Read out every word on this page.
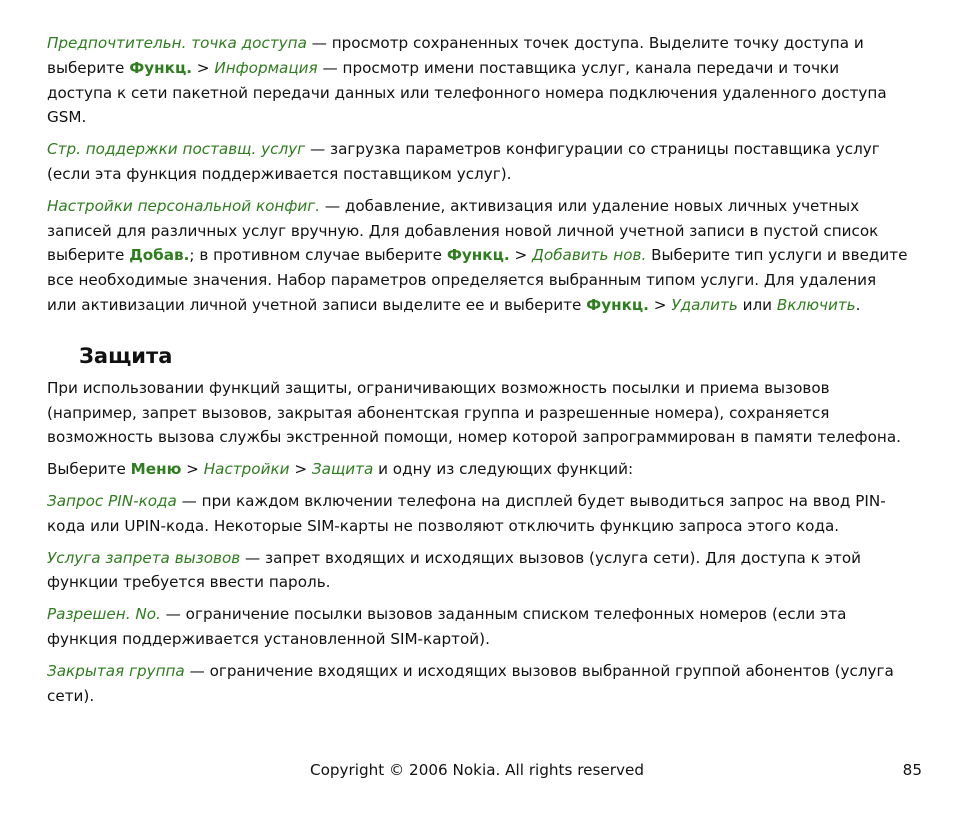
Предпочтительн. точка доступа — просмотр сохраненных точек доступа. Выделите точку доступа и выберите Функц. > Информация — просмотр имени поставщика услуг, канала передачи и точки доступа к сети пакетной передачи данных или телефонного номера подключения удаленного доступа GSM.

Стр. поддержки поставщ. услуг — загрузка параметров конфигурации со страницы поставщика услуг (если эта функция поддерживается поставщиком услуг).

Настройки персональной конфиг. — добавление, активизация или удаление новых личных учетных записей для различных услуг вручную. Для добавления новой личной учетной записи в пустой список выберите Добав.; в противном случае выберите Функц. > Добавить нов. Выберите тип услуги и введите все необходимые значения. Набор параметров определяется выбранным типом услуги. Для удаления или активизации личной учетной записи выделите ее и выберите Функц. > Удалить или Включить.

Защита

При использовании функций защиты, ограничивающих возможность посылки и приема вызовов (например, запрет вызовов, закрытая абонентская группа и разрешенные номера), сохраняется возможность вызова службы экстренной помощи, номер которой запрограммирован в памяти телефона.

Выберите Меню > Настройки > Защита и одну из следующих функций:

Запрос PIN-кода — при каждом включении телефона на дисплей будет выводиться запрос на ввод PIN-кода или UPIN-кода. Некоторые SIM-карты не позволяют отключить функцию запроса этого кода.

Услуга запрета вызовов — запрет входящих и исходящих вызовов (услуга сети). Для доступа к этой функции требуется ввести пароль.

Разрешен. No. — ограничение посылки вызовов заданным списком телефонных номеров (если эта функция поддерживается установленной SIM-картой).

Закрытая группа — ограничение входящих и исходящих вызовов выбранной группой абонентов (услуга сети).

Copyright © 2006 Nokia. All rights reserved	85
